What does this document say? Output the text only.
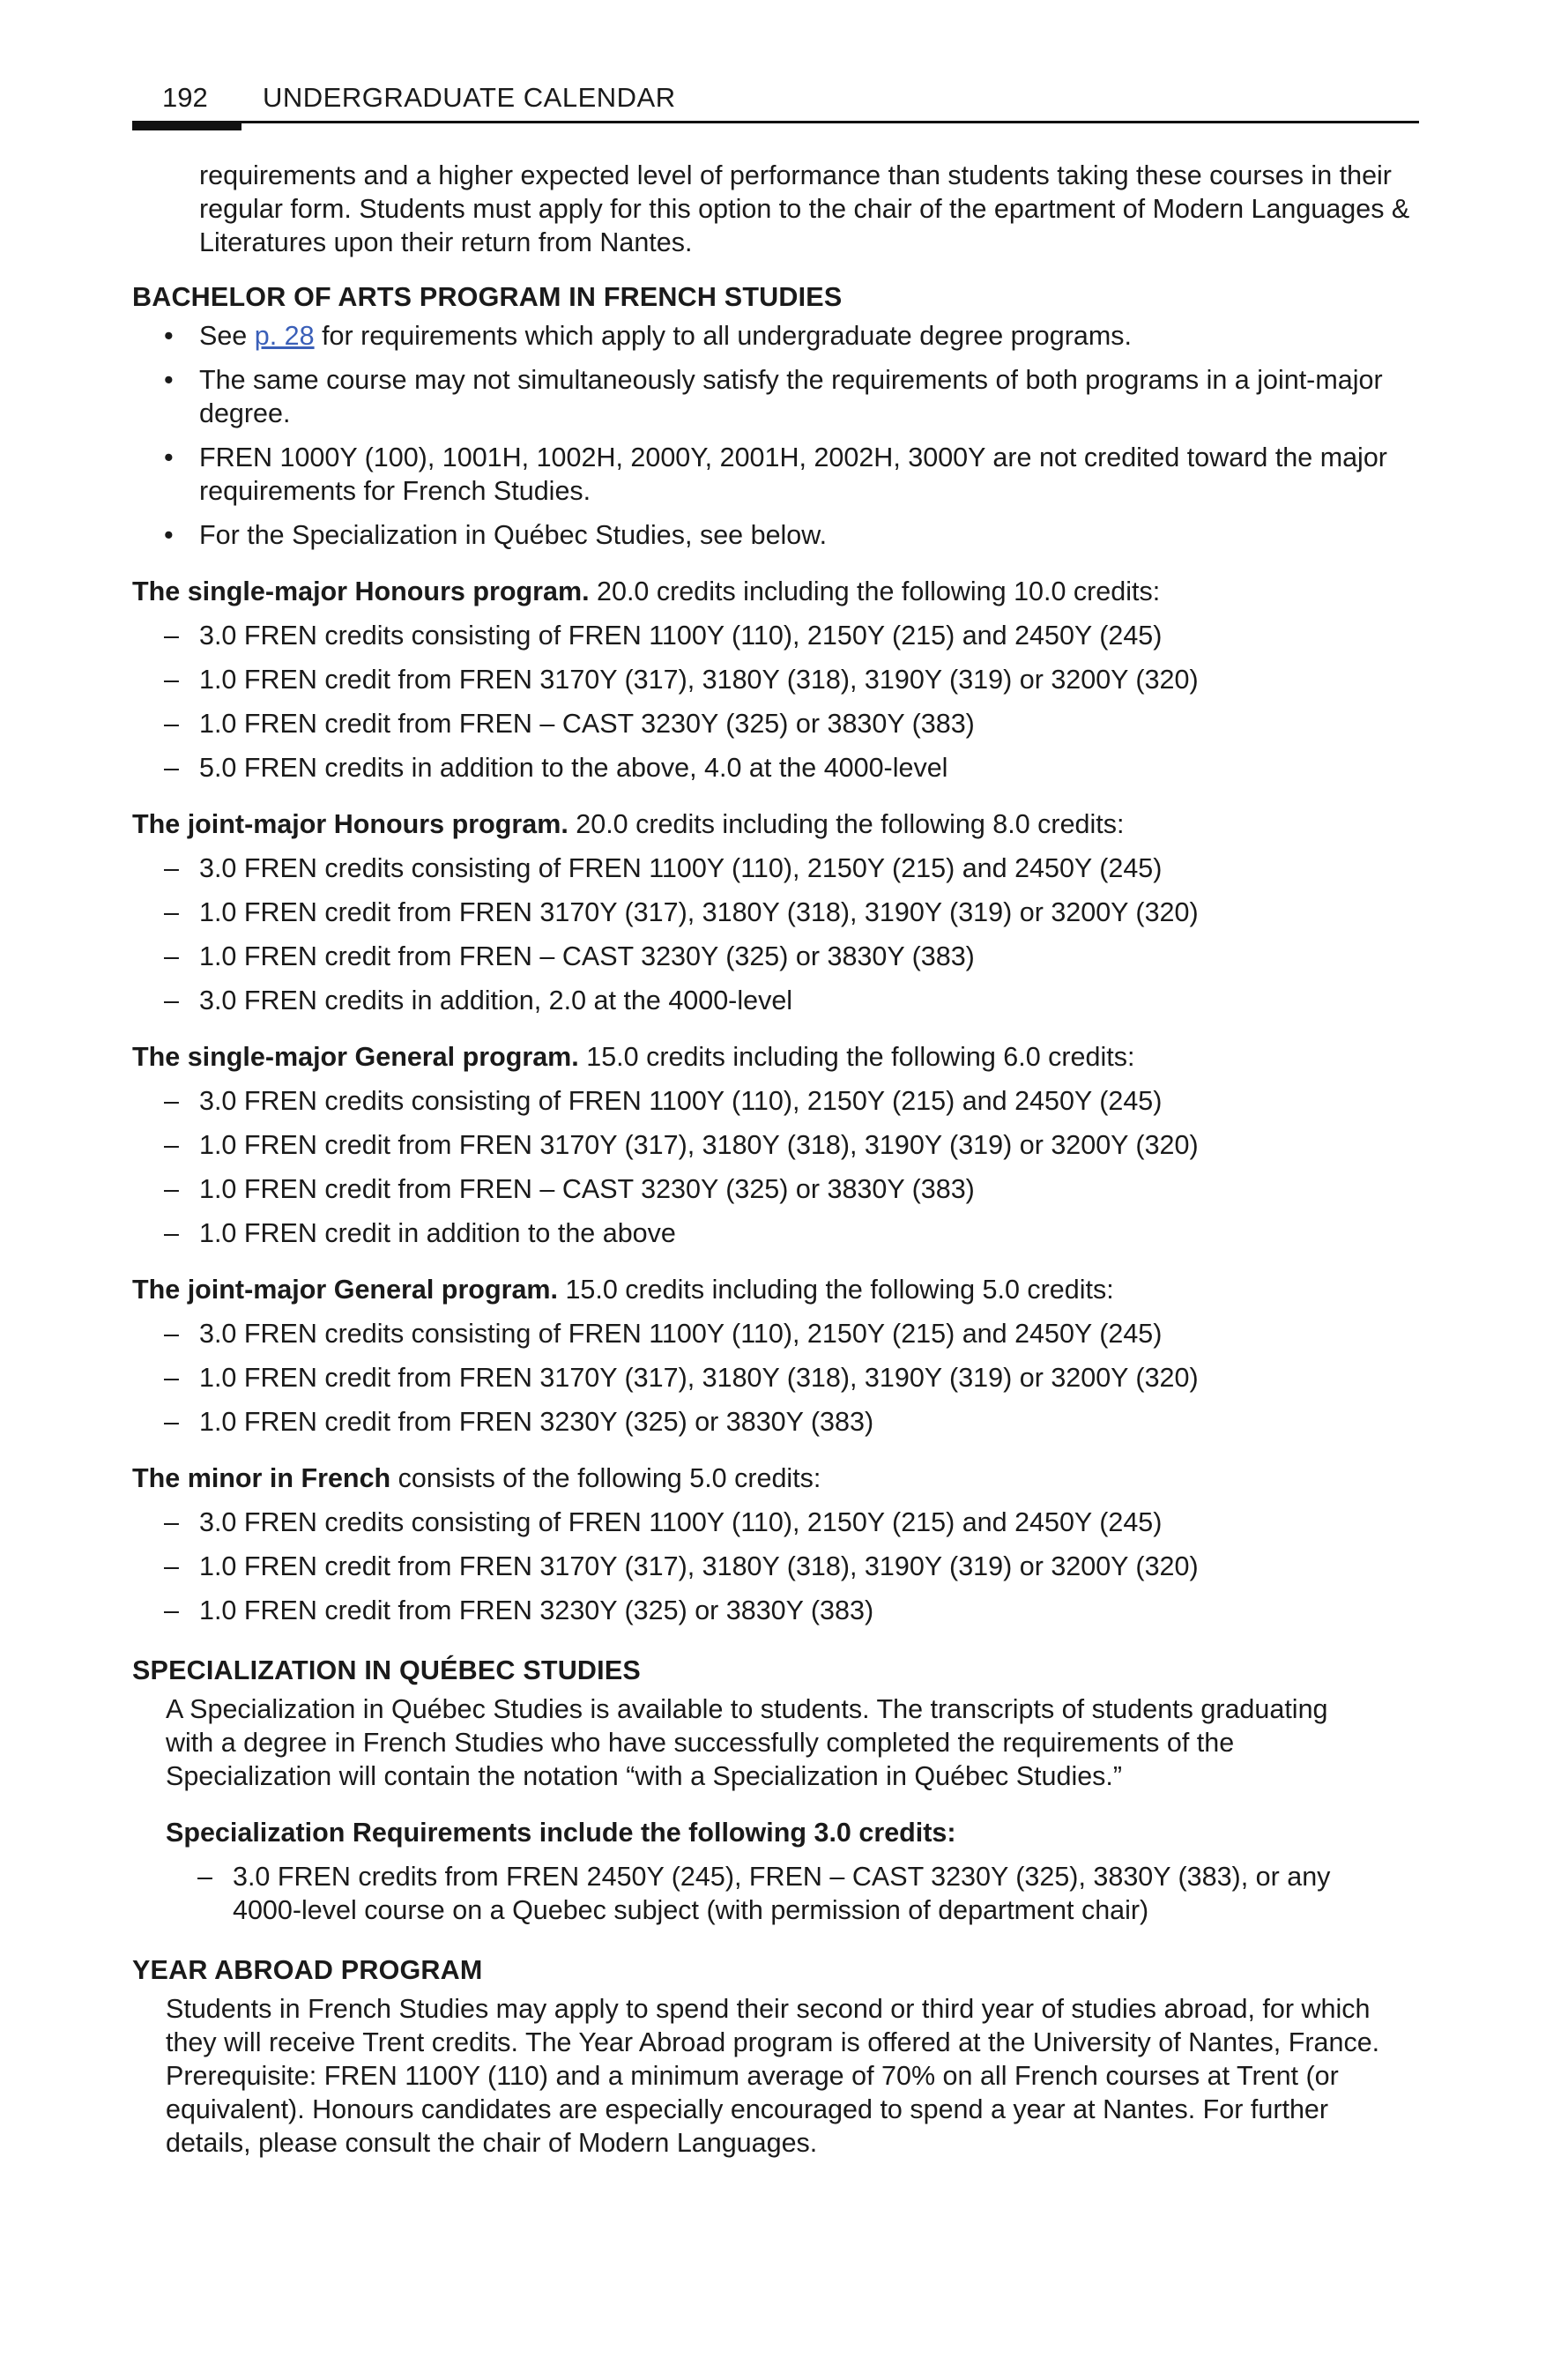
192 UNDERGRADUATE CALENDAR

requirements and a higher expected level of performance than students taking these courses in their regular form. Students must apply for this option to the chair of the epartment of Modern Languages & Literatures upon their return from Nantes.

BACHELOR OF ARTS PROGRAM IN FRENCH STUDIES
• See p. 28 for requirements which apply to all undergraduate degree programs.
• The same course may not simultaneously satisfy the requirements of both programs in a joint-major degree.
• FREN 1000Y (100), 1001H, 1002H, 2000Y, 2001H, 2002H, 3000Y are not credited toward the major requirements for French Studies.
• For the Specialization in Québec Studies, see below.

The single-major Honours program. 20.0 credits including the following 10.0 credits:

– 3.0 FREN credits consisting of FREN 1100Y (110), 2150Y (215) and 2450Y (245)
– 1.0 FREN credit from FREN 3170Y (317), 3180Y (318), 3190Y (319) or 3200Y (320)
– 1.0 FREN credit from FREN – CAST 3230Y (325) or 3830Y (383)
– 5.0 FREN credits in addition to the above, 4.0 at the 4000-level

The joint-major Honours program. 20.0 credits including the following 8.0 credits:

– 3.0 FREN credits consisting of FREN 1100Y (110), 2150Y (215) and 2450Y (245)
– 1.0 FREN credit from FREN 3170Y (317), 3180Y (318), 3190Y (319) or 3200Y (320)
– 1.0 FREN credit from FREN – CAST 3230Y (325) or 3830Y (383)
– 3.0 FREN credits in addition, 2.0 at the 4000-level

The single-major General program. 15.0 credits including the following 6.0 credits:

– 3.0 FREN credits consisting of FREN 1100Y (110), 2150Y (215) and 2450Y (245)
– 1.0 FREN credit from FREN 3170Y (317), 3180Y (318), 3190Y (319) or 3200Y (320)
– 1.0 FREN credit from FREN – CAST 3230Y (325) or 3830Y (383)
– 1.0 FREN credit in addition to the above

The joint-major General program. 15.0 credits including the following 5.0 credits:

– 3.0 FREN credits consisting of FREN 1100Y (110), 2150Y (215) and 2450Y (245)
– 1.0 FREN credit from FREN 3170Y (317), 3180Y (318), 3190Y (319) or 3200Y (320)
– 1.0 FREN credit from FREN 3230Y (325) or 3830Y (383)

The minor in French consists of the following 5.0 credits:

– 3.0 FREN credits consisting of FREN 1100Y (110), 2150Y (215) and 2450Y (245)
– 1.0 FREN credit from FREN 3170Y (317), 3180Y (318), 3190Y (319) or 3200Y (320)
– 1.0 FREN credit from FREN 3230Y (325) or 3830Y (383)
SPECIALIZATION IN QUÉBEC STUDIES

A Specialization in Québec Studies is available to students. The transcripts of students graduating with a degree in French Studies who have successfully completed the requirements of the Specialization will contain the notation “with a Specialization in Québec Studies.”

Specialization Requirements include the following 3.0 credits:

– 3.0 FREN credits from FREN 2450Y (245), FREN – CAST 3230Y (325), 3830Y (383), or any 4000-level course on a Quebec subject (with permission of department chair)
YEAR ABROAD PROGRAM

Students in French Studies may apply to spend their second or third year of studies abroad, for which they will receive Trent credits. The Year Abroad program is offered at the University of Nantes, France. Prerequisite: FREN 1100Y (110) and a minimum average of 70% on all French courses at Trent (or equivalent). Honours candidates are especially encouraged to spend a year at Nantes. For further details, please consult the chair of Modern Languages.
